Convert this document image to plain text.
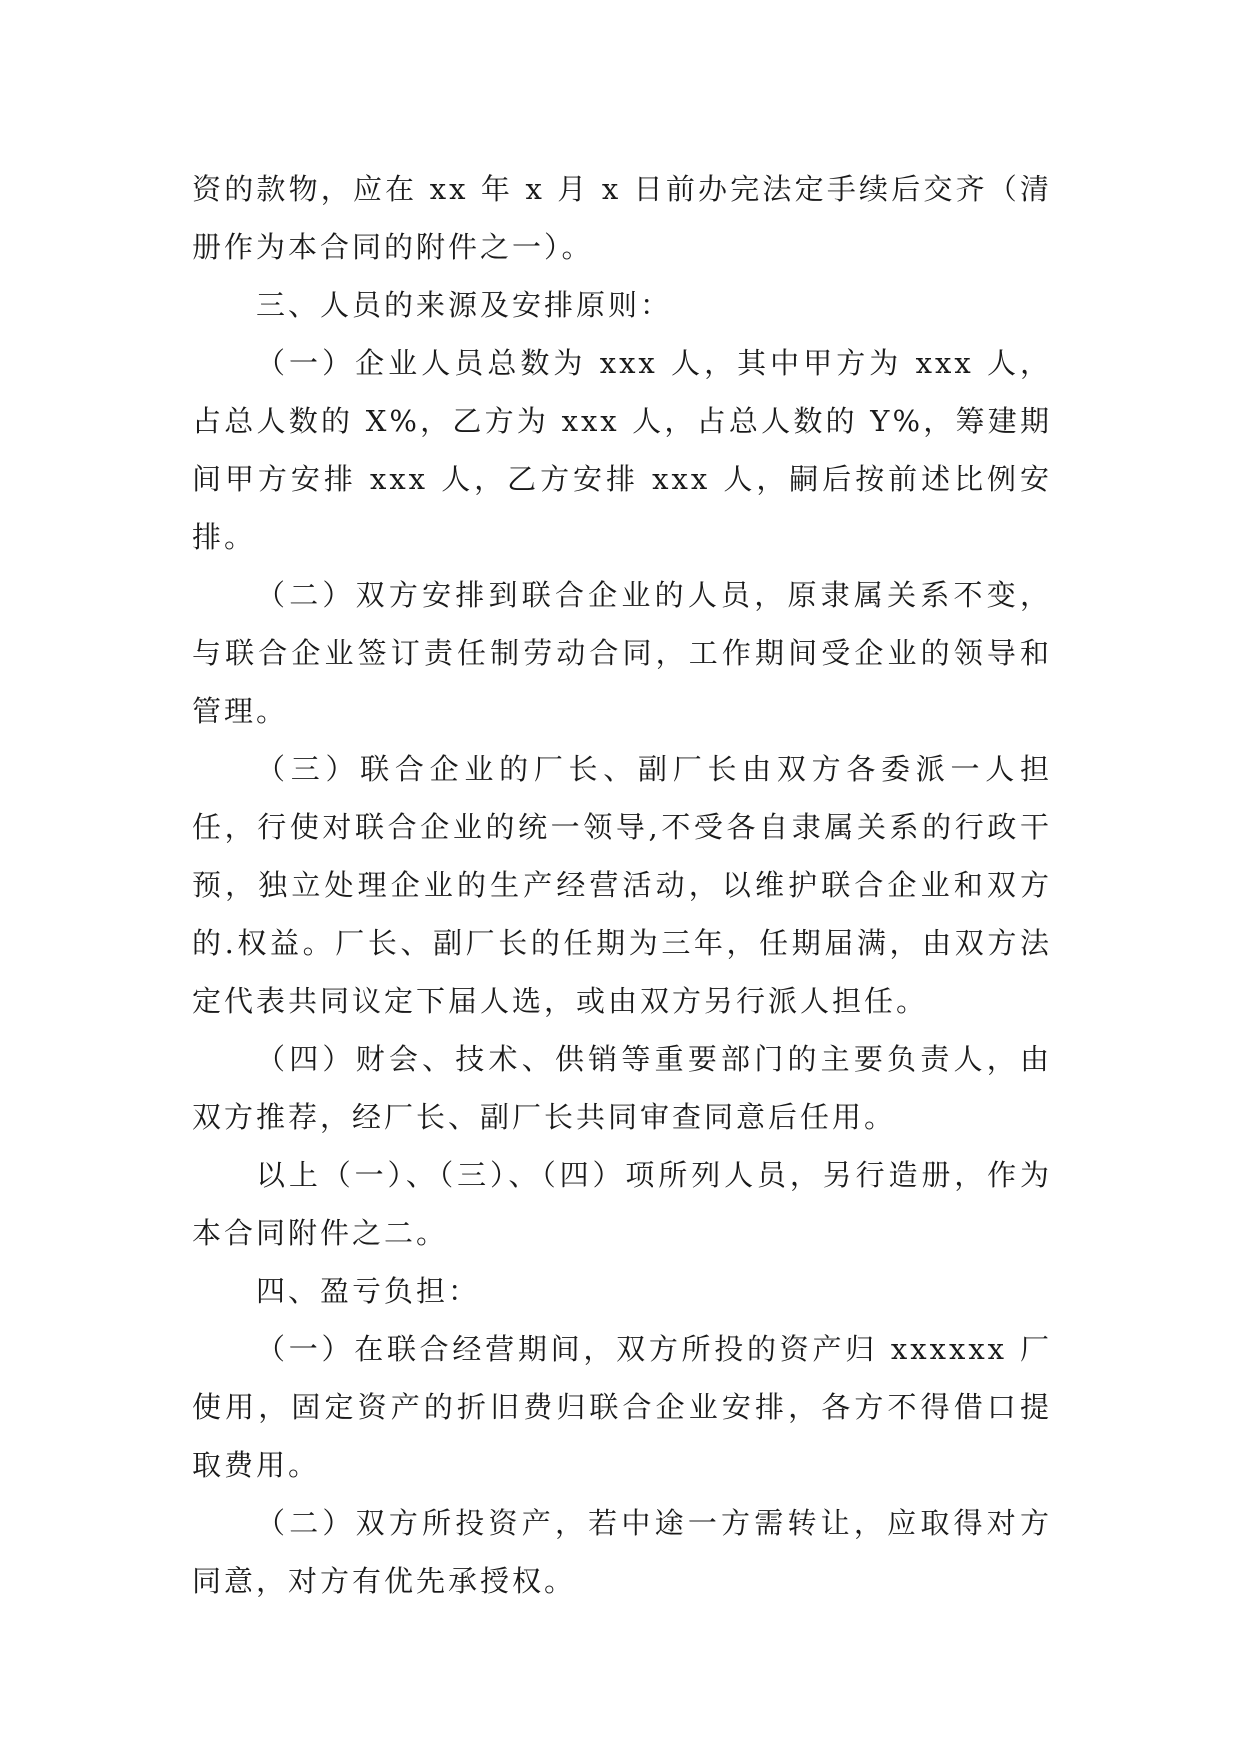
资的款物，应在 xx 年 x 月 x 日前办完法定手续后交齐（清册作为本合同的附件之一）。

三、人员的来源及安排原则：

（一）企业人员总数为 xxx 人，其中甲方为 xxx 人，占总人数的 X%，乙方为 xxx 人，占总人数的 Y%，筹建期间甲方安排 xxx 人，乙方安排 xxx 人，嗣后按前述比例安排。

（二）双方安排到联合企业的人员，原隶属关系不变，与联合企业签订责任制劳动合同，工作期间受企业的领导和管理。

（三）联合企业的厂长、副厂长由双方各委派一人担任，行使对联合企业的统一领导,不受各自隶属关系的行政干预，独立处理企业的生产经营活动，以维护联合企业和双方的.权益。厂长、副厂长的任期为三年，任期届满，由双方法定代表共同议定下届人选，或由双方另行派人担任。

（四）财会、技术、供销等重要部门的主要负责人，由双方推荐，经厂长、副厂长共同审查同意后任用。

以上（一）、（三）、（四）项所列人员，另行造册，作为本合同附件之二。

四、盈亏负担：

（一）在联合经营期间，双方所投的资产归 xxxxxx 厂使用，固定资产的折旧费归联合企业安排，各方不得借口提取费用。

（二）双方所投资产，若中途一方需转让，应取得对方同意，对方有优先承授权。
